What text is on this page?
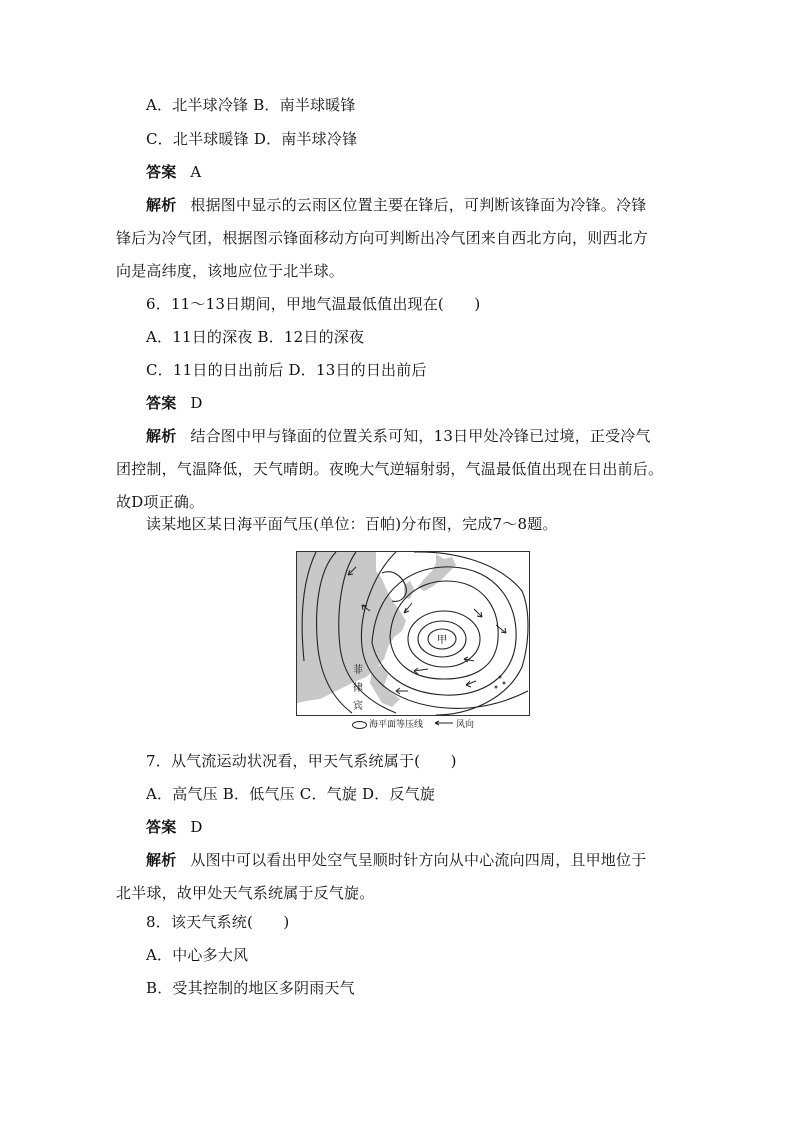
A．北半球冷锋 B．南半球暖锋
C．北半球暖锋 D．南半球冷锋
答案 A
解析 根据图中显示的云雨区位置主要在锋后，可判断该锋面为冷锋。冷锋
锋后为冷气团，根据图示锋面移动方向可判断出冷气团来自西北方向，则西北方
向是高纬度，该地应位于北半球。
6．11～13日期间，甲地气温最低值出现在(　　)
A．11日的深夜 B．12日的深夜
C．11日的日出前后 D．13日的日出前后
答案 D
解析 结合图中甲与锋面的位置关系可知，13日甲处冷锋已过境，正受冷气
团控制，气温降低，天气晴朗。夜晚大气逆辐射弱，气温最低值出现在日出前后。
故D项正确。
读某地区某日海平面气压(单位：百帕)分布图，完成7～8题。
甲
菲
律
宾
海平面等压线	风向
7．从气流运动状况看，甲天气系统属于(　　)
A．高气压 B．低气压 C．气旋 D．反气旋
答案 D
解析 从图中可以看出甲处空气呈顺时针方向从中心流向四周，且甲地位于
北半球，故甲处天气系统属于反气旋。
8．该天气系统(　　)
A．中心多大风
B．受其控制的地区多阴雨天气
